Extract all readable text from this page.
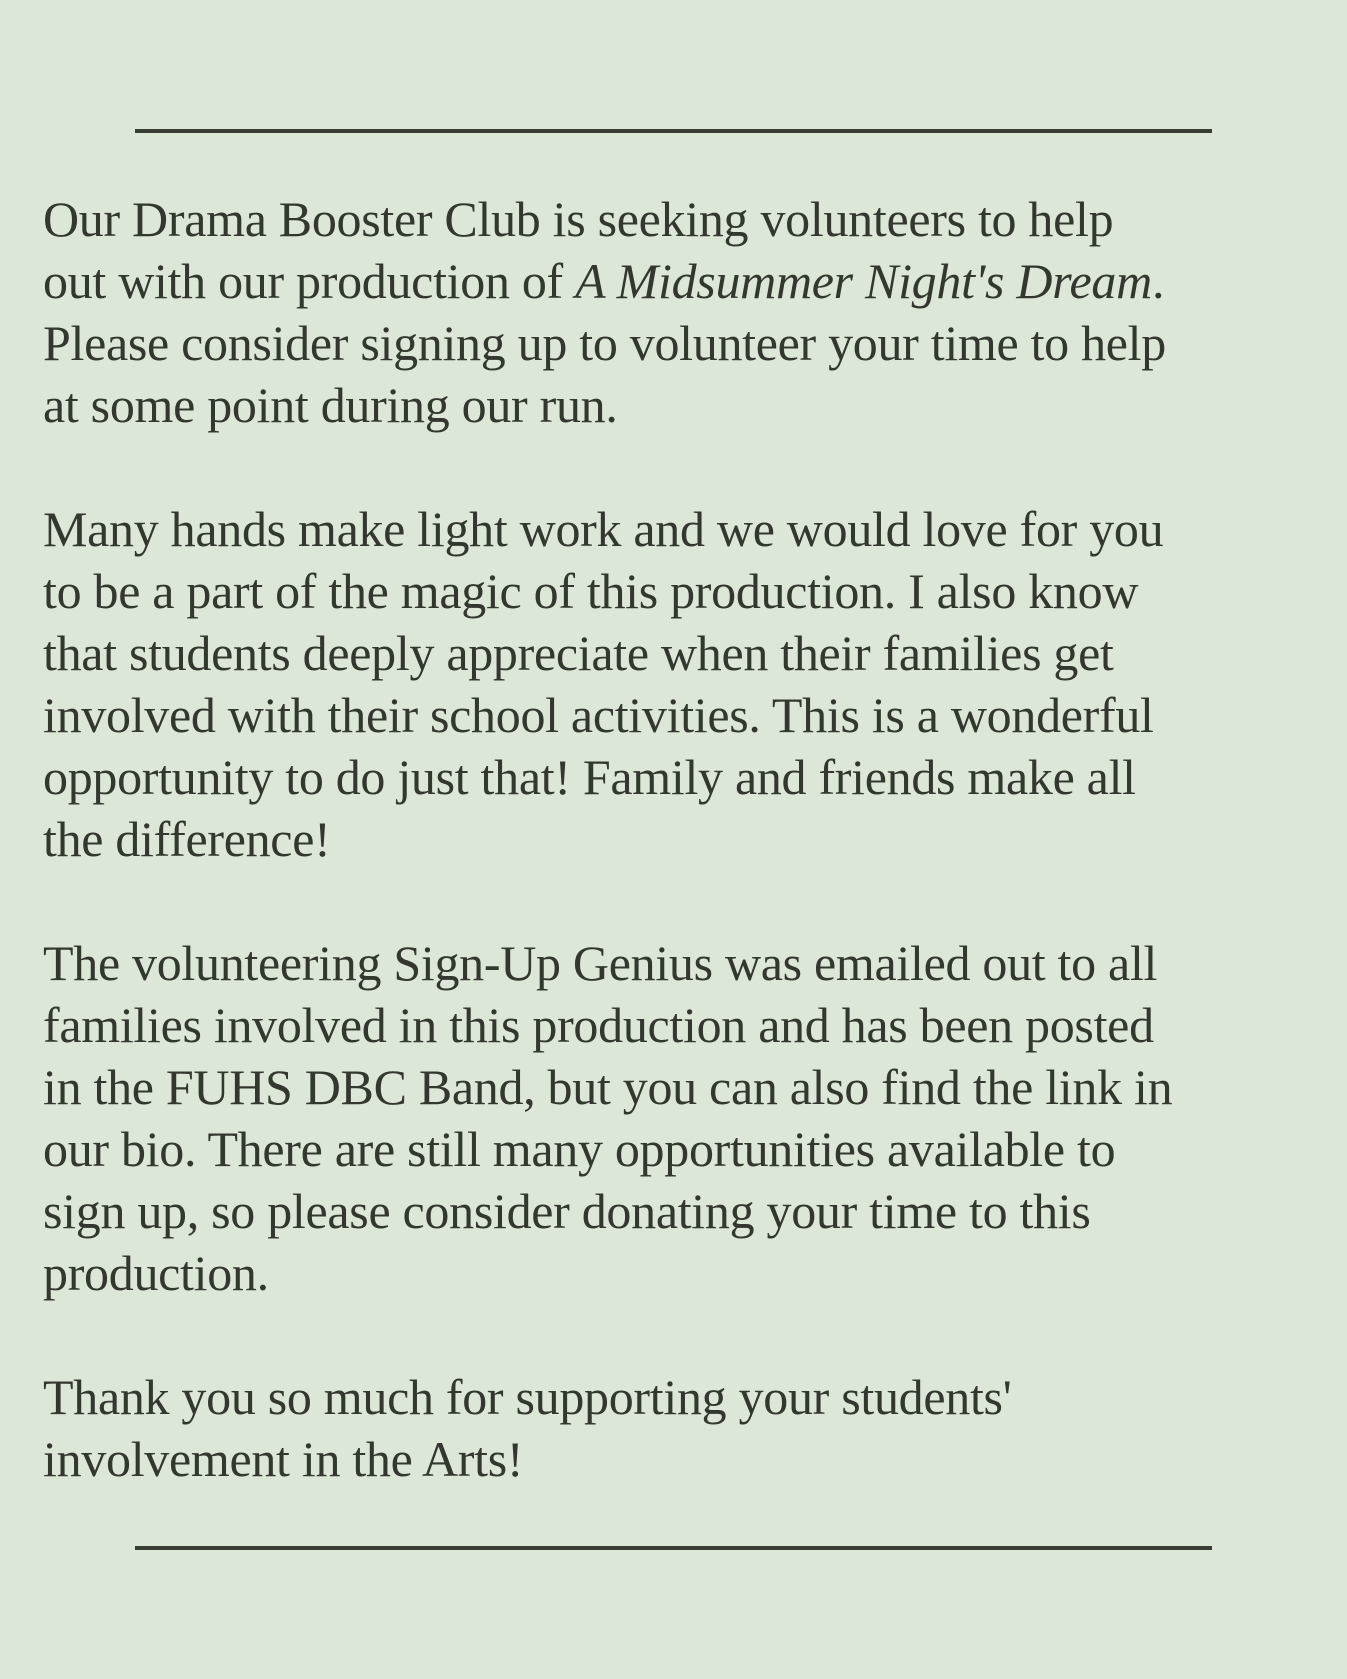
Our Drama Booster Club is seeking volunteers to help
out with our production of A Midsummer Night's Dream.
Please consider signing up to volunteer your time to help
at some point during our run.

Many hands make light work and we would love for you
to be a part of the magic of this production. I also know
that students deeply appreciate when their families get
involved with their school activities. This is a wonderful
opportunity to do just that! Family and friends make all
the difference!

The volunteering Sign-Up Genius was emailed out to all
families involved in this production and has been posted
in the FUHS DBC Band, but you can also find the link in
our bio. There are still many opportunities available to
sign up, so please consider donating your time to this
production.

Thank you so much for supporting your students'
involvement in the Arts!
